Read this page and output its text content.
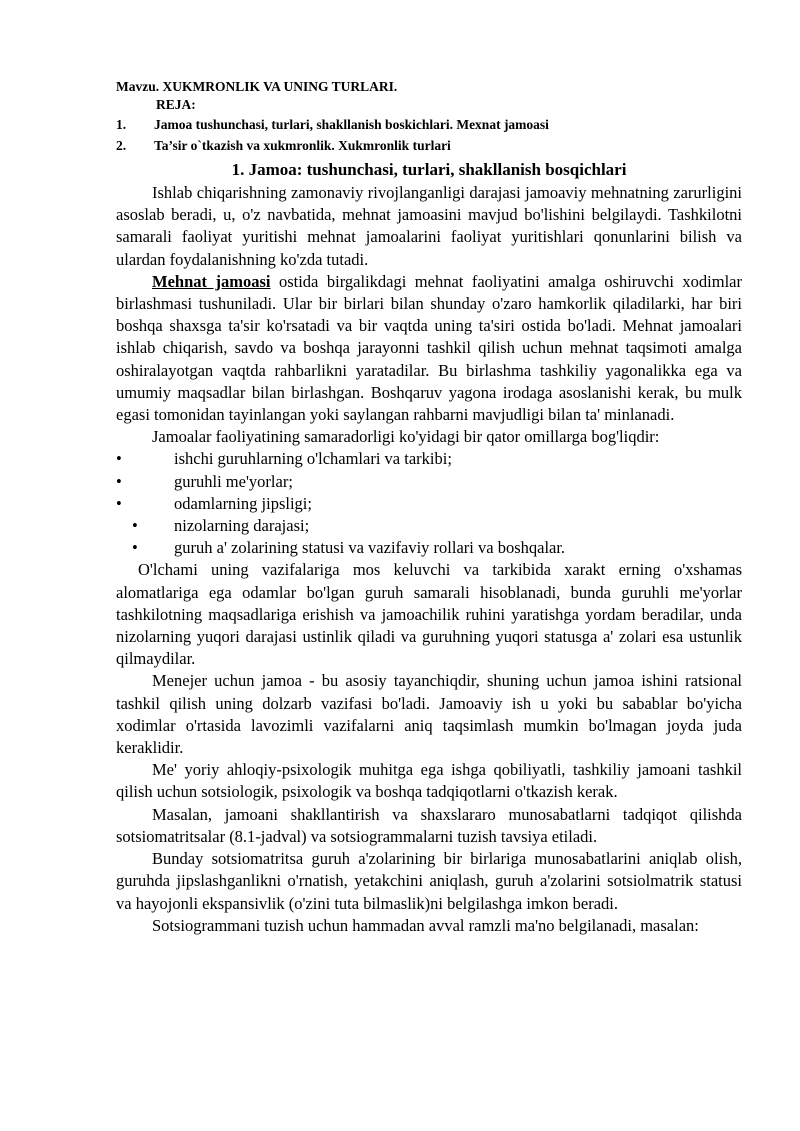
Mavzu. XUKMRONLIK VA UNING TURLARI.

REJA:

1. Jamoa tushunchasi, turlari, shakllanish boskichlari. Mexnat jamoasi
2. Ta’sir o`tkazish va xukmronlik. Xukmronlik turlari
1. Jamoa: tushunchasi, turlari, shakllanish bosqichlari

Ishlab chiqarishning zamonaviy rivojlanganligi darajasi jamoaviy mehnatning zarurligini asoslab beradi, u, o'z navbatida, mehnat jamoasini mavjud bo'lishini belgilaydi. Tashkilotni samarali faoliyat yuritishi mehnat jamoalarini faoliyat yuritishlari qonunlarini bilish va ulardan foydalanishning ko'zda tutadi.

Mehnat jamoasi ostida birgalikdagi mehnat faoliyatini amalga oshiruvchi xodimlar birlashmasi tushuniladi. Ular bir birlari bilan shunday o'zaro hamkorlik qiladilarki, har biri boshqa shaxsga ta'sir ko'rsatadi va bir vaqtda uning ta'siri ostida bo'ladi. Mehnat jamoalari ishlab chiqarish, savdo va boshqa jarayonni tashkil qilish uchun mehnat taqsimoti amalga oshiralayotgan vaqtda rahbarlikni yaratadilar. Bu birlashma tashkiliy yagonalikka ega va umumiy maqsadlar bilan birlashgan. Boshqaruv yagona irodaga asoslanishi kerak, bu mulk egasi tomonidan tayinlangan yoki saylangan rahbarni mavjudligi bilan ta' minlanadi.

Jamoalar faoliyatining samaradorligi ko'yidagi bir qator omillarga bog'liqdir:

•	ishchi guruhlarning o'lchamlari va tarkibi;
•	guruhli me'yorlar;
•	odamlarning jipsligi;
• nizolarning darajasi;
• guruh a' zolarining statusi va vazifaviy rollari va boshqalar.

O'lchami uning vazifalariga mos keluvchi va tarkibida xarakt erning o'xshamas alomatlariga ega odamlar bo'lgan guruh samarali hisoblanadi, bunda guruhli me'yorlar tashkilotning maqsadlariga erishish va jamoachilik ruhini yaratishga yordam beradilar, unda nizolarning yuqori darajasi ustinlik qiladi va guruhning yuqori statusga a' zolari esa ustunlik qilmaydilar.

Menejer uchun jamoa - bu asosiy tayanchiqdir, shuning uchun jamoa ishini ratsional tashkil qilish uning dolzarb vazifasi bo'ladi. Jamoaviy ish u yoki bu sabablar bo'yicha xodimlar o'rtasida lavozimli vazifalarni aniq taqsimlash mumkin bo'lmagan joyda juda keraklidir.

Me' yoriy ahloqiy-psixologik muhitga ega ishga qobiliyatli, tashkiliy jamoani tashkil qilish uchun sotsiologik, psixologik va boshqa tadqiqotlarni o'tkazish kerak.

Masalan, jamoani shakllantirish va shaxslararo munosabatlarni tadqiqot qilishda sotsiomatritsalar (8.1-jadval) va sotsiogrammalarni tuzish tavsiya etiladi.

Bunday sotsiomatritsa guruh a'zolarining bir birlariga munosabatlarini aniqlab olish, guruhda jipslashganlikni o'rnatish, yetakchini aniqlash, guruh a'zolarini sotsiolmatrik statusi va hayojonli ekspansivlik (o'zini tuta bilmaslik)ni belgilashga imkon beradi.

Sotsiogrammani tuzish uchun hammadan avval ramzli ma'no belgilanadi, masalan:
